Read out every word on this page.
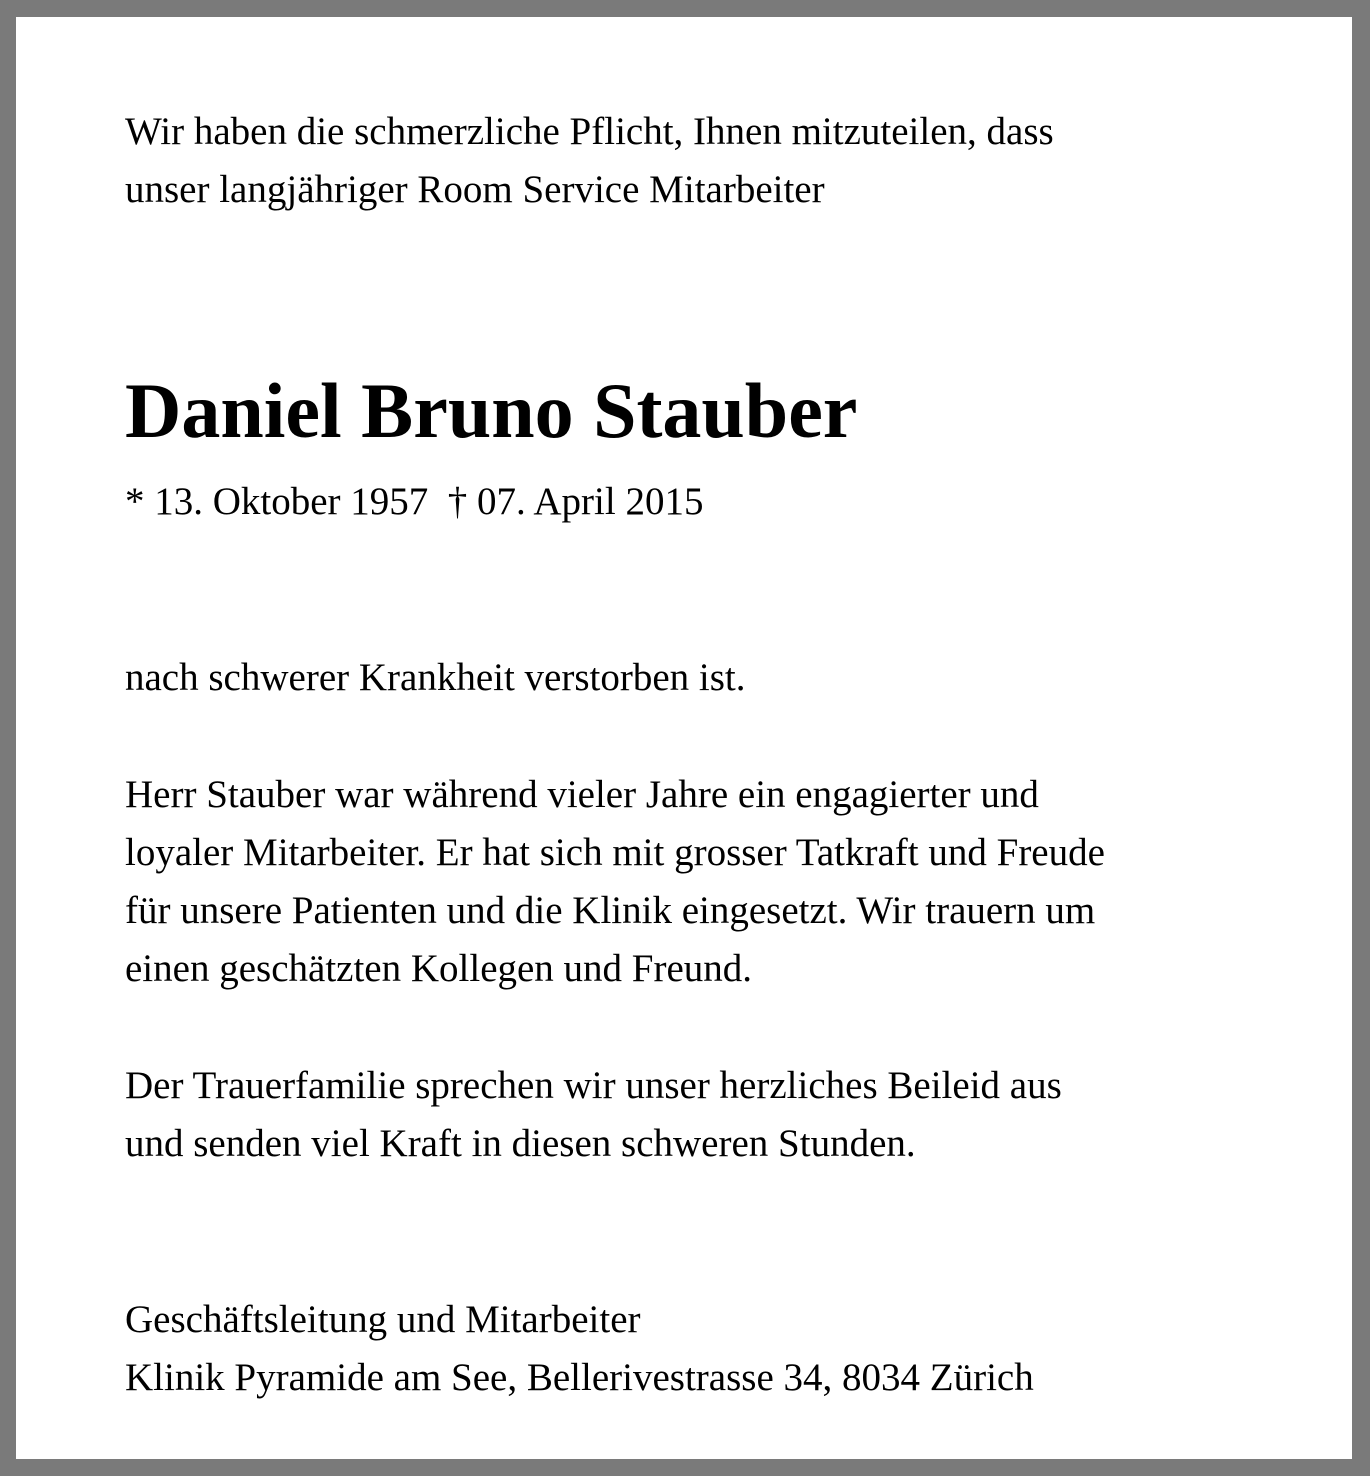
Wir haben die schmerzliche Pflicht, Ihnen mitzuteilen, dass
unser langjähriger Room Service Mitarbeiter

Daniel Bruno Stauber

* 13. Oktober 1957  † 07. April 2015

nach schwerer Krankheit verstorben ist.

Herr Stauber war während vieler Jahre ein engagierter und
loyaler Mitarbeiter. Er hat sich mit grosser Tatkraft und Freude
für unsere Patienten und die Klinik eingesetzt. Wir trauern um
einen geschätzten Kollegen und Freund.

Der Trauerfamilie sprechen wir unser herzliches Beileid aus
und senden viel Kraft in diesen schweren Stunden.

Geschäftsleitung und Mitarbeiter
Klinik Pyramide am See, Bellerivestrasse 34, 8034 Zürich
